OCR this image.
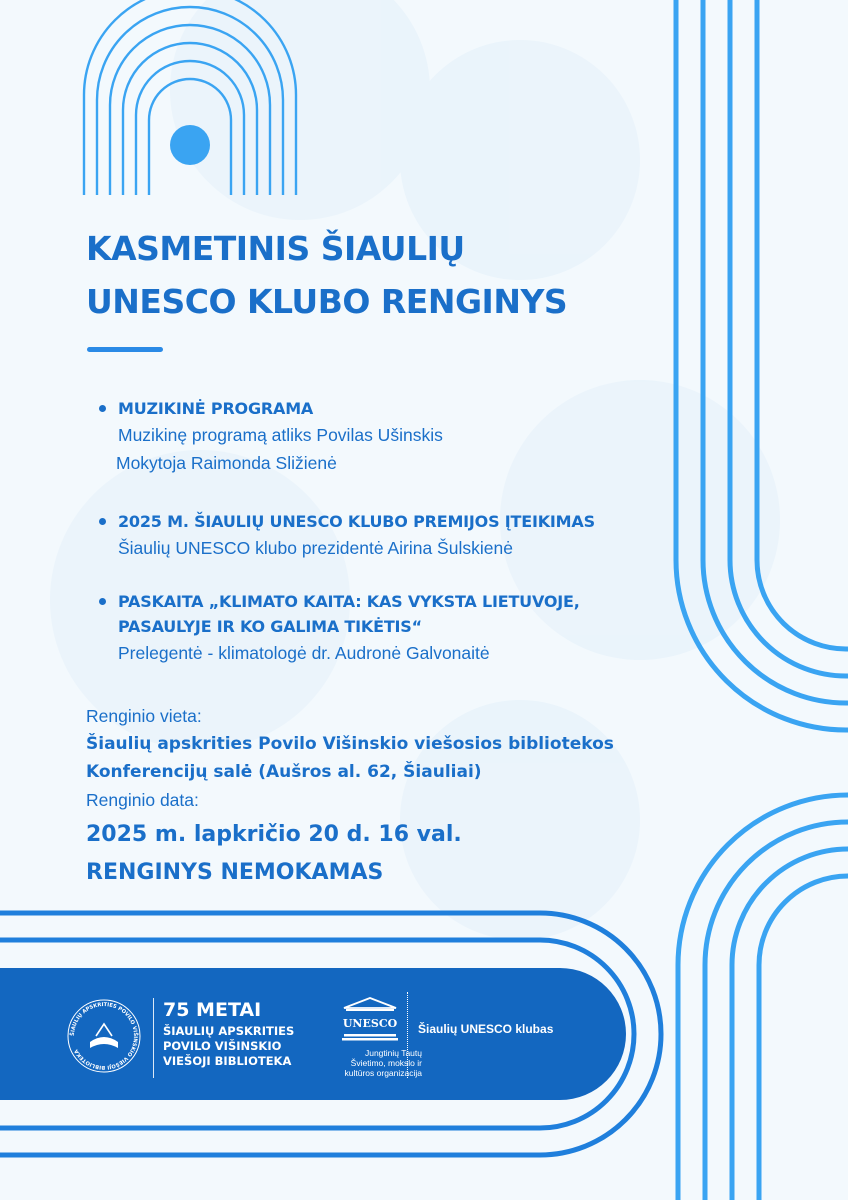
KASMETINIS ŠIAULIŲ
UNESCO KLUBO RENGINYS
MUZIKINĖ PROGRAMA
Muzikinę programą atliks Povilas Ušinskis
Mokytoja Raimonda Sližienė
2025 M. ŠIAULIŲ UNESCO KLUBO PREMIJOS ĮTEIKIMAS
Šiaulių UNESCO klubo prezidentė Airina Šulskienė
PASKAITA „KLIMATO KAITA: KAS VYKSTA LIETUVOJE,
PASAULYJE IR KO GALIMA TIKĖTIS“
Prelegentė - klimatologė dr. Audronė Galvonaitė
Renginio vieta:
Šiaulių apskrities Povilo Višinskio viešosios bibliotekos
Konferencijų salė (Aušros al. 62, Šiauliai)
Renginio data:
2025 m. lapkričio 20 d. 16 val.
RENGINYS NEMOKAMAS
ŠIAULIŲ APSKRITIES POVILO VIŠINSKIO VIEŠOJI BIBLIOTEKA
75 METAI
ŠIAULIŲ APSKRITIES
POVILO VIŠINSKIO
VIEŠOJI BIBLIOTEKA
UNESCO
Jungtinių Tautų
Švietimo, mokslo ir
kultūros organizacija
Šiaulių UNESCO klubas
